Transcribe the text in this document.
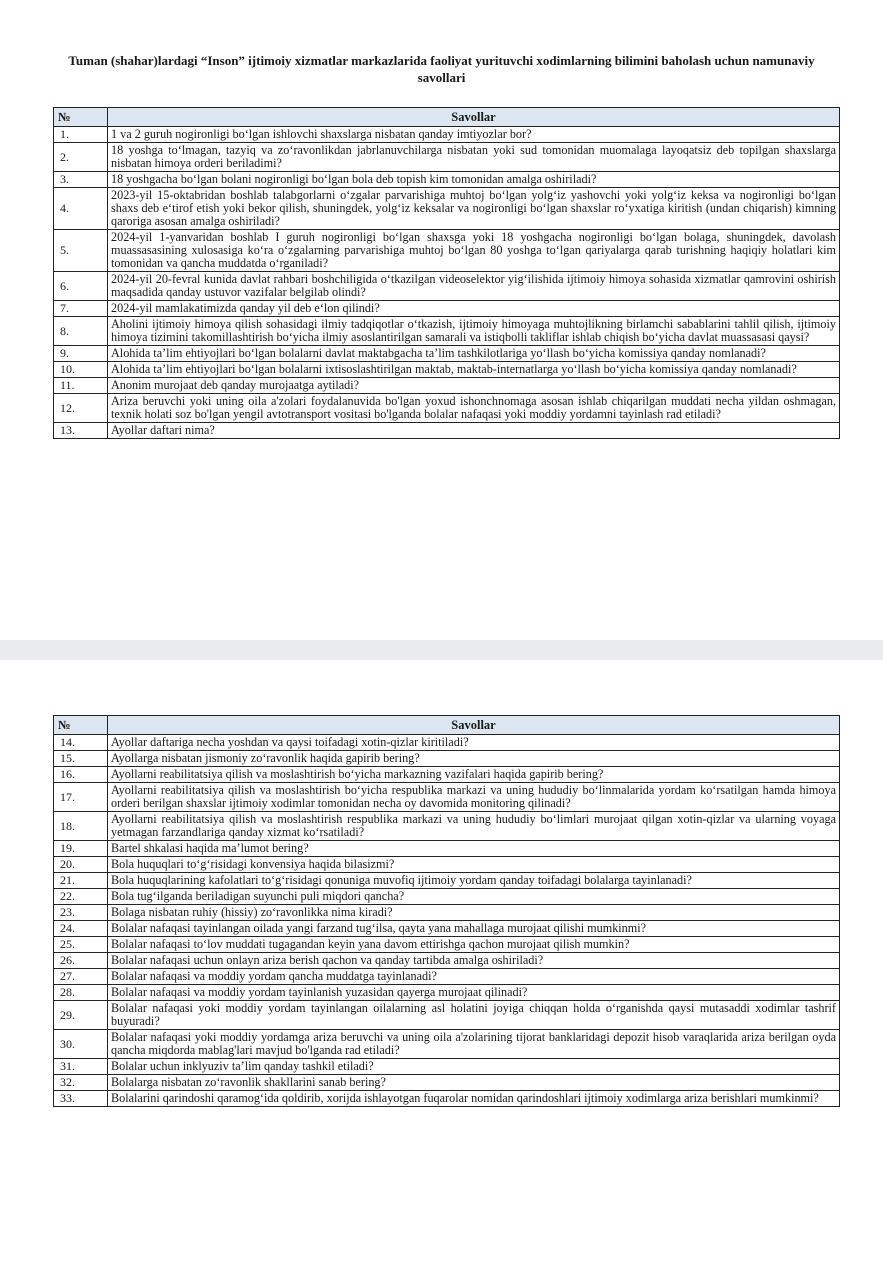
Tuman (shahar)lardagi “Inson” ijtimoiy xizmatlar markazlarida faoliyat yurituvchi xodimlarning bilimini baholash uchun namunaviy savollari
№	Savollar
1.	1 va 2 guruh nogironligi bo‘lgan ishlovchi shaxslarga nisbatan qanday imtiyozlar bor?
2.	18 yoshga to‘lmagan, tazyiq va zo‘ravonlikdan jabrlanuvchilarga nisbatan yoki sud tomonidan muomalaga layoqatsiz deb topilgan shaxslarga nisbatan himoya orderi beriladimi?
3.	18 yoshgacha bo‘lgan bolani nogironligi bo‘lgan bola deb topish kim tomonidan amalga oshiriladi?
4.	2023-yil 15-oktabridan boshlab talabgorlarni o‘zgalar parvarishiga muhtoj bo‘lgan yolg‘iz yashovchi yoki yolg‘iz keksa va nogironligi bo‘lgan shaxs deb e‘tirof etish yoki bekor qilish, shuningdek, yolg‘iz keksalar va nogironligi bo‘lgan shaxslar ro‘yxatiga kiritish (undan chiqarish) kimning qaroriga asosan amalga oshiriladi?
5.	2024-yil 1-yanvaridan boshlab I guruh nogironligi bo‘lgan shaxsga yoki 18 yoshgacha nogironligi bo‘lgan bolaga, shuningdek, davolash muassasasining xulosasiga ko‘ra o‘zgalarning parvarishiga muhtoj bo‘lgan 80 yoshga to‘lgan qariyalarga qarab turishning haqiqiy holatlari kim tomonidan va qancha muddatda o‘rganiladi?
6.	2024-yil 20-fevral kunida davlat rahbari boshchiligida o‘tkazilgan videoselektor yig‘ilishida ijtimoiy himoya sohasida xizmatlar qamrovini oshirish maqsadida qanday ustuvor vazifalar belgilab olindi?
7.	2024-yil mamlakatimizda qanday yil deb e‘lon qilindi?
8.	Aholini ijtimoiy himoya qilish sohasidagi ilmiy tadqiqotlar o‘tkazish, ijtimoiy himoyaga muhtojlikning birlamchi sabablarini tahlil qilish, ijtimoiy himoya tizimini takomillashtirish bo‘yicha ilmiy asoslantirilgan samarali va istiqbolli takliflar ishlab chiqish bo‘yicha davlat muassasasi qaysi?
9.	Alohida ta’lim ehtiyojlari bo‘lgan bolalarni davlat maktabgacha ta’lim tashkilotlariga yo‘llash bo‘yicha komissiya qanday nomlanadi?
10.	Alohida ta’lim ehtiyojlari bo‘lgan bolalarni ixtisoslashtirilgan maktab, maktab-internatlarga yo‘llash bo‘yicha komissiya qanday nomlanadi?
11.	Anonim murojaat deb qanday murojaatga aytiladi?
12.	Ariza beruvchi yoki uning oila a'zolari foydalanuvida bo'lgan yoxud ishonchnomaga asosan ishlab chiqarilgan muddati necha yildan oshmagan, texnik holati soz bo'lgan yengil avtotransport vositasi bo'lganda bolalar nafaqasi yoki moddiy yordamni tayinlash rad etiladi?
13.	Ayollar daftari nima?
№	Savollar
14.	Ayollar daftariga necha yoshdan va qaysi toifadagi xotin-qizlar kiritiladi?
15.	Ayollarga nisbatan jismoniy zo‘ravonlik haqida gapirib bering?
16.	Ayollarni reabilitatsiya qilish va moslashtirish bo‘yicha markazning vazifalari haqida gapirib bering?
17.	Ayollarni reabilitatsiya qilish va moslashtirish bo‘yicha respublika markazi va uning hududiy bo‘linmalarida yordam ko‘rsatilgan hamda himoya orderi berilgan shaxslar ijtimoiy xodimlar tomonidan necha oy davomida monitoring qilinadi?
18.	Ayollarni reabilitatsiya qilish va moslashtirish respublika markazi va uning hududiy bo‘limlari murojaat qilgan xotin-qizlar va ularning voyaga yetmagan farzandlariga qanday xizmat ko‘rsatiladi?
19.	Bartel shkalasi haqida ma’lumot bering?
20.	Bola huquqlari to‘g‘risidagi konvensiya haqida bilasizmi?
21.	Bola huquqlarining kafolatlari to‘g‘risidagi qonuniga muvofiq ijtimoiy yordam qanday toifadagi bolalarga tayinlanadi?
22.	Bola tug‘ilganda beriladigan suyunchi puli miqdori qancha?
23.	Bolaga nisbatan ruhiy (hissiy) zo‘ravonlikka nima kiradi?
24.	Bolalar nafaqasi tayinlangan oilada yangi farzand tug‘ilsa, qayta yana mahallaga murojaat qilishi mumkinmi?
25.	Bolalar nafaqasi to‘lov muddati tugagandan keyin yana davom ettirishga qachon murojaat qilish mumkin?
26.	Bolalar nafaqasi uchun onlayn ariza berish qachon va qanday tartibda amalga oshiriladi?
27.	Bolalar nafaqasi va moddiy yordam qancha muddatga tayinlanadi?
28.	Bolalar nafaqasi va moddiy yordam tayinlanish yuzasidan qayerga murojaat qilinadi?
29.	Bolalar nafaqasi yoki moddiy yordam tayinlangan oilalarning asl holatini joyiga chiqqan holda o‘rganishda qaysi mutasaddi xodimlar tashrif buyuradi?
30.	Bolalar nafaqasi yoki moddiy yordamga ariza beruvchi va uning oila a'zolarining tijorat banklaridagi depozit hisob varaqlarida ariza berilgan oyda qancha miqdorda mablag'lari mavjud bo'lganda rad etiladi?
31.	Bolalar uchun inklyuziv ta’lim qanday tashkil etiladi?
32.	Bolalarga nisbatan zo‘ravonlik shakllarini sanab bering?
33.	Bolalarini qarindoshi qaramog‘ida qoldirib, xorijda ishlayotgan fuqarolar nomidan qarindoshlari ijtimoiy xodimlarga ariza berishlari mumkinmi?
